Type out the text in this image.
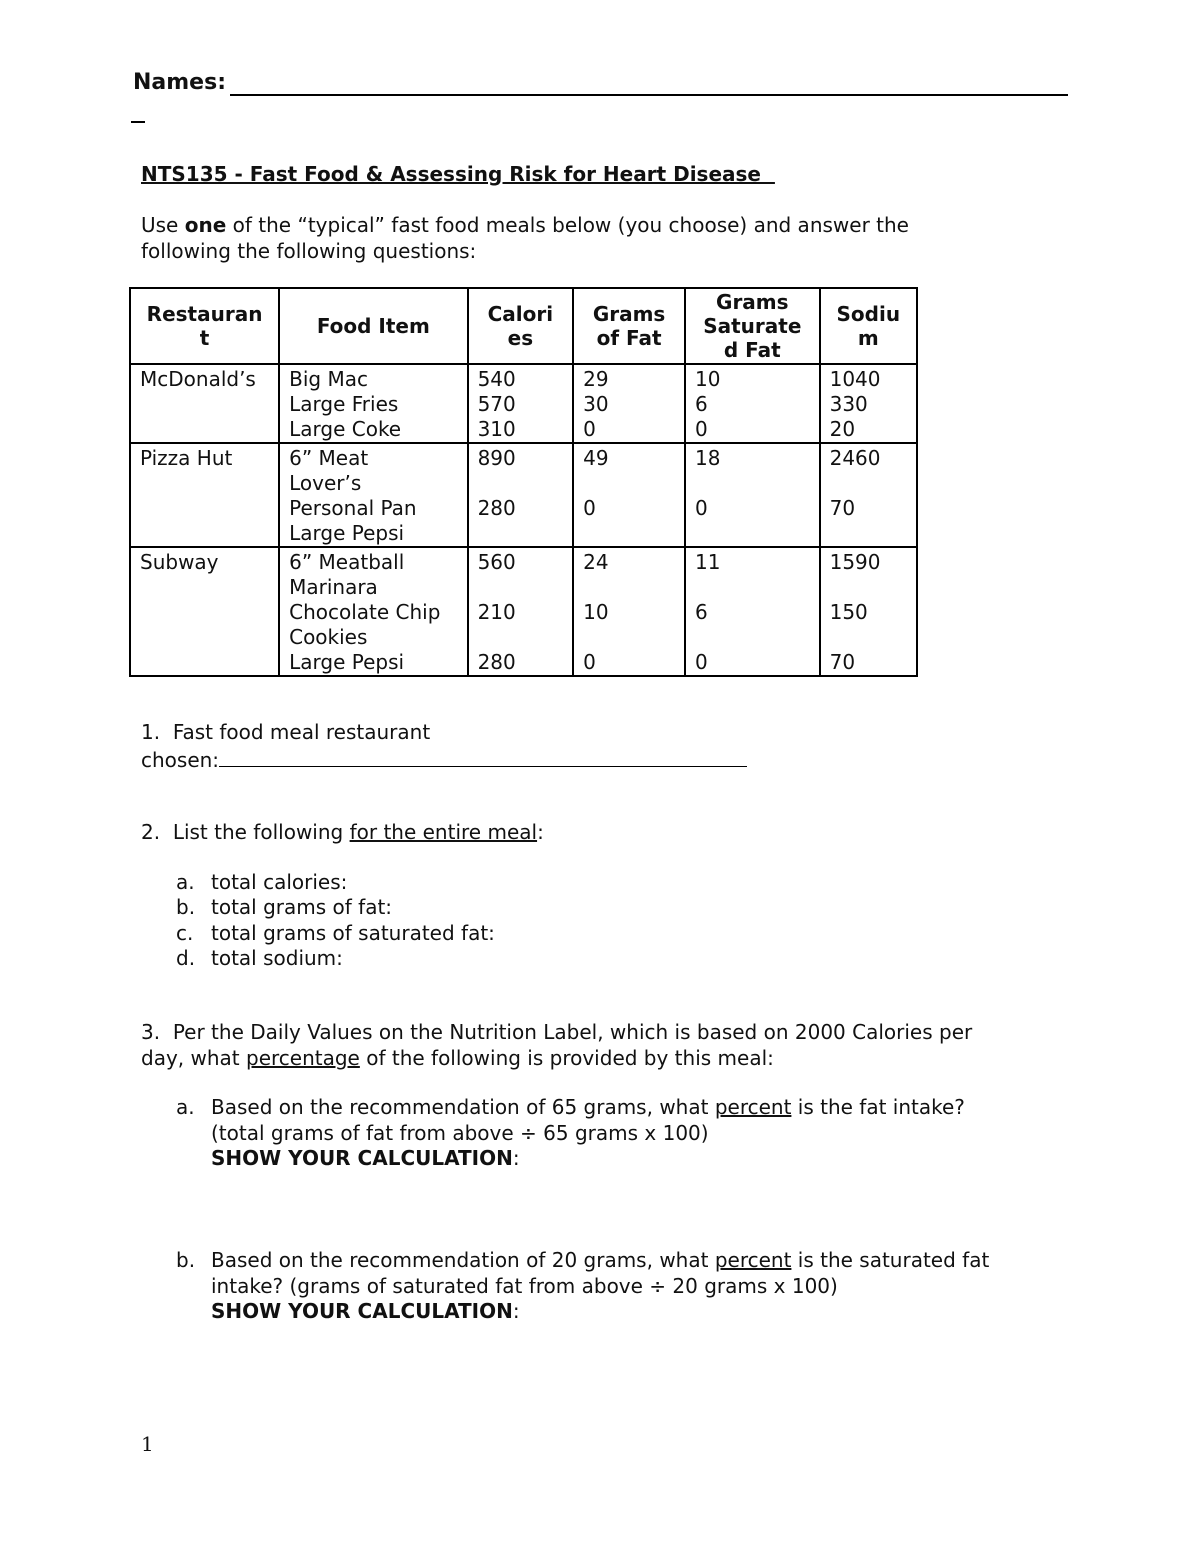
Names:
NTS135 - Fast Food & Assessing Risk for Heart Disease
Use one of the “typical” fast food meals below (you choose) and answer the
following the following questions:
Restauran
t	Food Item	Calori
es	Grams
of Fat	Grams
Saturate
d Fat	Sodiu
m
McDonald’s	Big Mac
Large Fries
Large Coke	540
570
310	29
30
0	10
6
0	1040
330
20
Pizza Hut	6” Meat
Lover’s
Personal Pan
Large Pepsi	890

280	49

0	18

0	2460

70
Subway	6” Meatball
Marinara
Chocolate Chip
Cookies
Large Pepsi	560

210

280	24

10

0	11

6

0	1590

150

70
1. Fast food meal restaurant
chosen:
2. List the following for the entire meal:
a. total calories:
b. total grams of fat:
c. total grams of saturated fat:
d. total sodium:
3. Per the Daily Values on the Nutrition Label, which is based on 2000 Calories per
day, what percentage of the following is provided by this meal:
a. Based on the recommendation of 65 grams, what percent is the fat intake?
(total grams of fat from above ÷ 65 grams x 100)
SHOW YOUR CALCULATION:
b. Based on the recommendation of 20 grams, what percent is the saturated fat
intake? (grams of saturated fat from above ÷ 20 grams x 100)
SHOW YOUR CALCULATION:
1
